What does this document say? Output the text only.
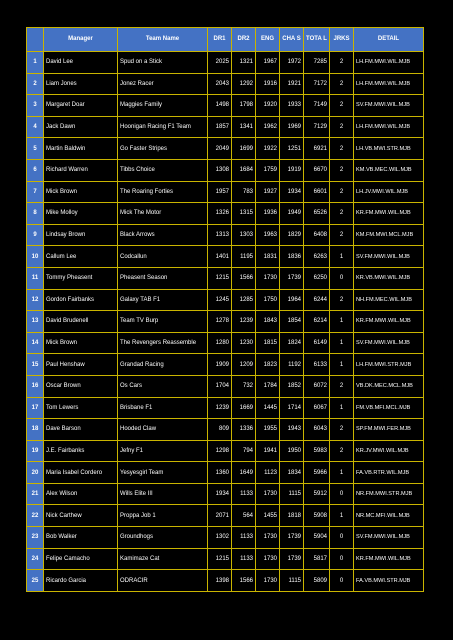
	Manager	Team Name	DR1	DR2	ENG	CHA S	TOTA L	JRKS	DETAIL
1	David Lee	Spud on a Stick	2025	1321	1967	1972	7285	2	LH.FM.MWI.WIL.MJB
2	Liam Jones	Jonez Racer	2043	1292	1916	1921	7172	2	LH.FM.MWI.WIL.MJB
3	Margaret Doar	Maggies Family	1498	1798	1920	1933	7149	2	SV.FM.MWI.WIL.MJB
4	Jack Dawn	Hoonigan Racing F1 Team	1857	1341	1962	1969	7129	2	LH.FM.MWI.WIL.MJB
5	Martin Baldwin	Go Faster Stripes	2049	1699	1922	1251	6921	2	LH.VB.MWI.STR.MJB
6	Richard Warren	Tibbs Choice	1308	1684	1759	1919	6670	2	KM.VB.MEC.WIL.MJB
7	Mick Brown	The Roaring Forties	1957	783	1927	1934	6601	2	LH.JV.MWI.WIL.MJB
8	Mike Molloy	Mick The Motor	1326	1315	1936	1949	6526	2	KR.FM.MWI.WIL.MJB
9	Lindsay Brown	Black Arrows	1313	1303	1963	1829	6408	2	KM.FM.MWI.MCL.MJB
10	Callum Lee	Codcallun	1401	1195	1831	1836	6263	1	SV.FM.MWI.WIL.MJB
11	Tommy Pheasent	Pheasent Season	1215	1566	1730	1739	6250	0	KR.VB.MWI.WIL.MJB
12	Gordon Fairbanks	Galaxy TAB F1	1245	1285	1750	1964	6244	2	NH.FM.MEC.WIL.MJB
13	David Brudenell	Team TV Burp	1278	1239	1843	1854	6214	1	KR.FM.MWI.WIL.MJB
14	Mick Brown	The Revengers Reassemble	1280	1230	1815	1824	6149	1	SV.FM.MWI.WIL.MJB
15	Paul Henshaw	Grandad Racing	1909	1209	1823	1192	6133	1	LH.FM.MWI.STR.MJB
16	Oscar Brown	Os Cars	1704	732	1784	1852	6072	2	VB.DK.MEC.MCL.MJB
17	Tom Lewers	Brisbane F1	1239	1669	1445	1714	6067	1	FM.VB.MFI.MCL.MJB
18	Dave Barson	Hooded Claw	809	1336	1955	1943	6043	2	SP.FM.MWI.FER.MJB
19	J.E. Fairbanks	Jefny F1	1298	794	1941	1950	5983	2	KR.JV.MWI.WIL.MJB
20	Maria Isabel Cordero	Yesyesgirl Team	1360	1649	1123	1834	5966	1	FA.VB.RTR.WIL.MJB
21	Alex Wilson	Wills Elite III	1934	1133	1730	1115	5912	0	NR.FM.MWI.STR.MJB
22	Nick Carthew	Proppa Job 1	2071	564	1455	1818	5908	1	NR.MC.MFI.WIL.MJB
23	Bob Walker	Groundhogs	1302	1133	1730	1739	5904	0	SV.FM.MWI.WIL.MJB
24	Felipe Camacho	Kamimaze Cat	1215	1133	1730	1739	5817	0	KR.FM.MWI.WIL.MJB
25	Ricardo Garcia	ODRACIR	1398	1566	1730	1115	5809	0	FA.VB.MWI.STR.MJB
